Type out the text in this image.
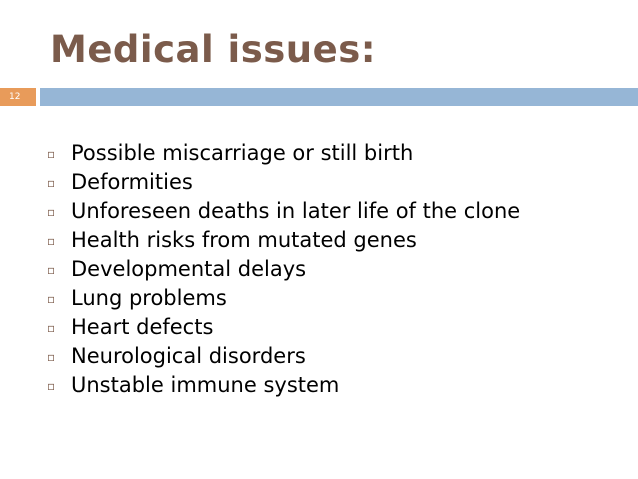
Medical issues:
12
▫ Possible miscarriage or still birth
▫ Deformities
▫ Unforeseen deaths in later life of the clone
▫ Health risks from mutated genes
▫ Developmental delays
▫ Lung problems
▫ Heart defects
▫ Neurological disorders
▫ Unstable immune system
